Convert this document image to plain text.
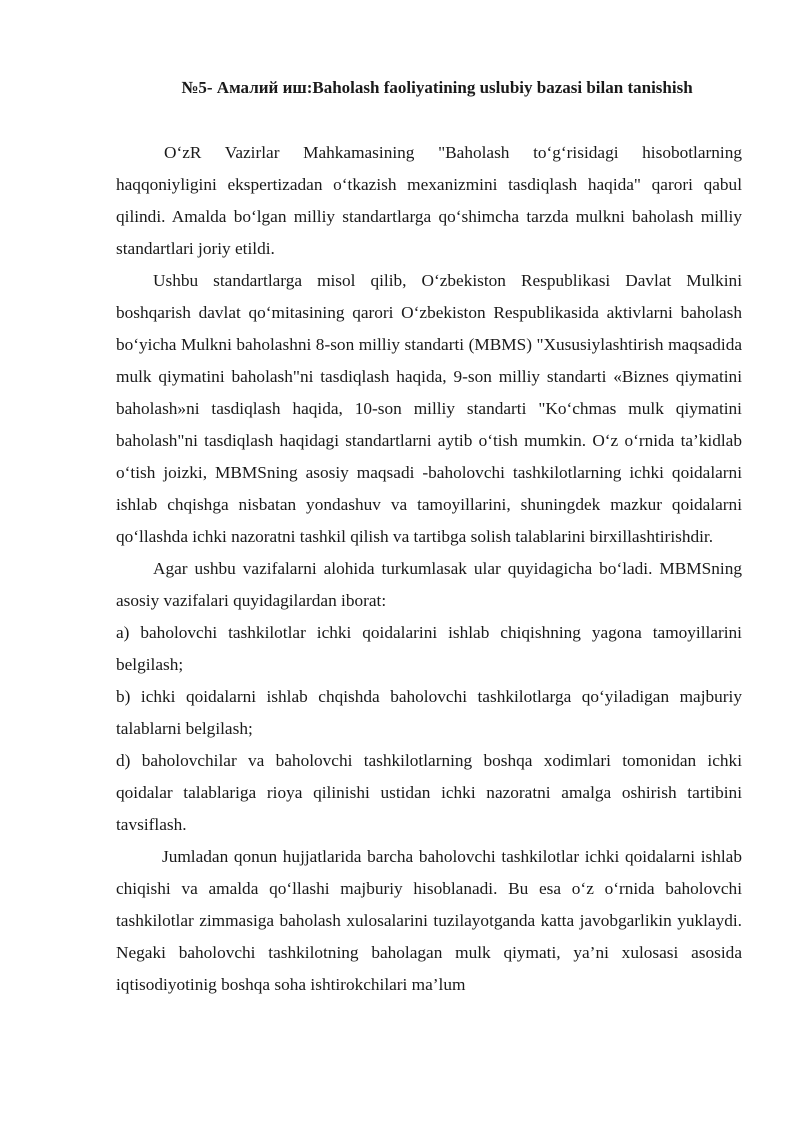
№5- Амалий иш:Baholash faoliyatining uslubiy bazasi bilan tanishish

O‘zR Vazirlar Mahkamasining "Baholash to‘g‘risidagi hisobotlarning haqqoniyligini ekspertizadan o‘tkazish mexanizmini tasdiqlash haqida" qarori qabul qilindi. Amalda bo‘lgan milliy standartlarga qo‘shimcha tarzda mulkni baholash milliy standartlari joriy etildi.

Ushbu standartlarga misol qilib, O‘zbekiston Respublikasi Davlat Mulkini boshqarish davlat qo‘mitasining qarori O‘zbekiston Respublikasida aktivlarni baholash bo‘yicha Mulkni baholashni 8-son milliy standarti (MBMS) "Xususiylashtirish maqsadida mulk qiymatini baholash"ni tasdiqlash haqida, 9-son milliy standarti «Biznes qiymatini baholash»ni tasdiqlash haqida, 10-son milliy standarti "Ko‘chmas mulk qiymatini baholash"ni tasdiqlash haqidagi standartlarni aytib o‘tish mumkin. O‘z o‘rnida ta’kidlab o‘tish joizki, MBMSning asosiy maqsadi -baholovchi tashkilotlarning ichki qoidalarni ishlab chqishga nisbatan yondashuv va tamoyillarini, shuningdek mazkur qoidalarni qo‘llashda ichki nazoratni tashkil qilish va tartibga solish talablarini birxillashtirishdir.

Agar ushbu vazifalarni alohida turkumlasak ular quyidagicha bo‘ladi. MBMSning asosiy vazifalari quyidagilardan iborat:

a) baholovchi tashkilotlar ichki qoidalarini ishlab chiqishning yagona tamoyillarini belgilash;

b) ichki qoidalarni ishlab chqishda baholovchi tashkilotlarga qo‘yiladigan majburiy talablarni belgilash;

d) baholovchilar va baholovchi tashkilotlarning boshqa xodimlari tomonidan ichki qoidalar talablariga rioya qilinishi ustidan ichki nazoratni amalga oshirish tartibini tavsiflash.

Jumladan qonun hujjatlarida barcha baholovchi tashkilotlar ichki qoidalarni ishlab chiqishi va amalda qo‘llashi majburiy hisoblanadi. Bu esa o‘z o‘rnida baholovchi tashkilotlar zimmasiga baholash xulosalarini tuzilayotganda katta javobgarlikin yuklaydi. Negaki baholovchi tashkilotning baholagan mulk qiymati, ya’ni xulosasi asosida iqtisodiyotinig boshqa soha ishtirokchilari ma’lum
